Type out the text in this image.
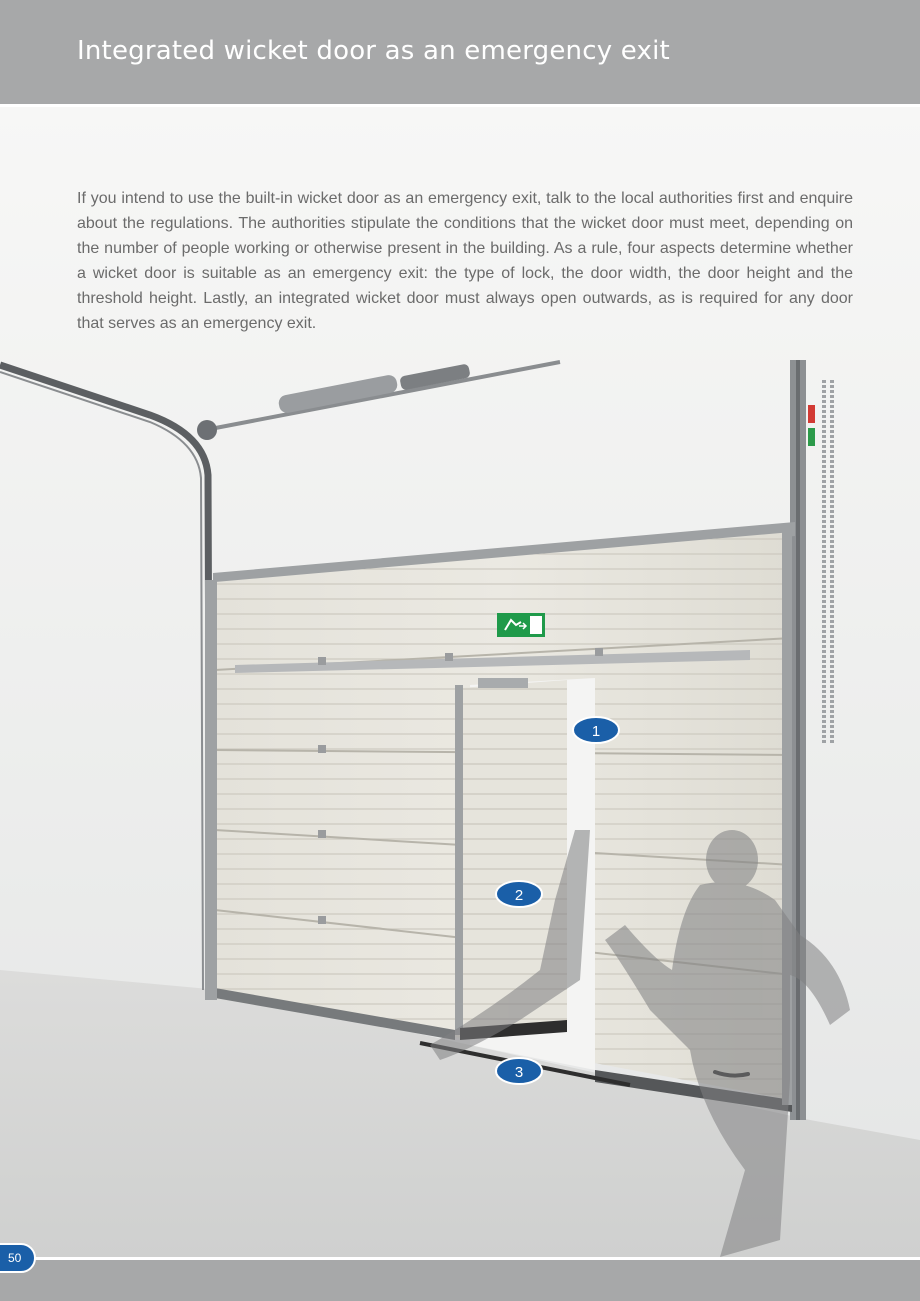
Integrated wicket door as an emergency exit

If you intend to use the built-in wicket door as an emergency exit, talk to the local authorities first and enquire about the regulations. The authorities stipulate the conditions that the wicket door must meet, depending on the number of people working or otherwise present in the building. As a rule, four aspects determine whether a wicket door is suitable as an emergency exit: the type of lock, the door width, the door height and the threshold height. Lastly, an integrated wicket door must always open outwards, as is required for any door that serves as an emergency exit.

1
2
3
50
